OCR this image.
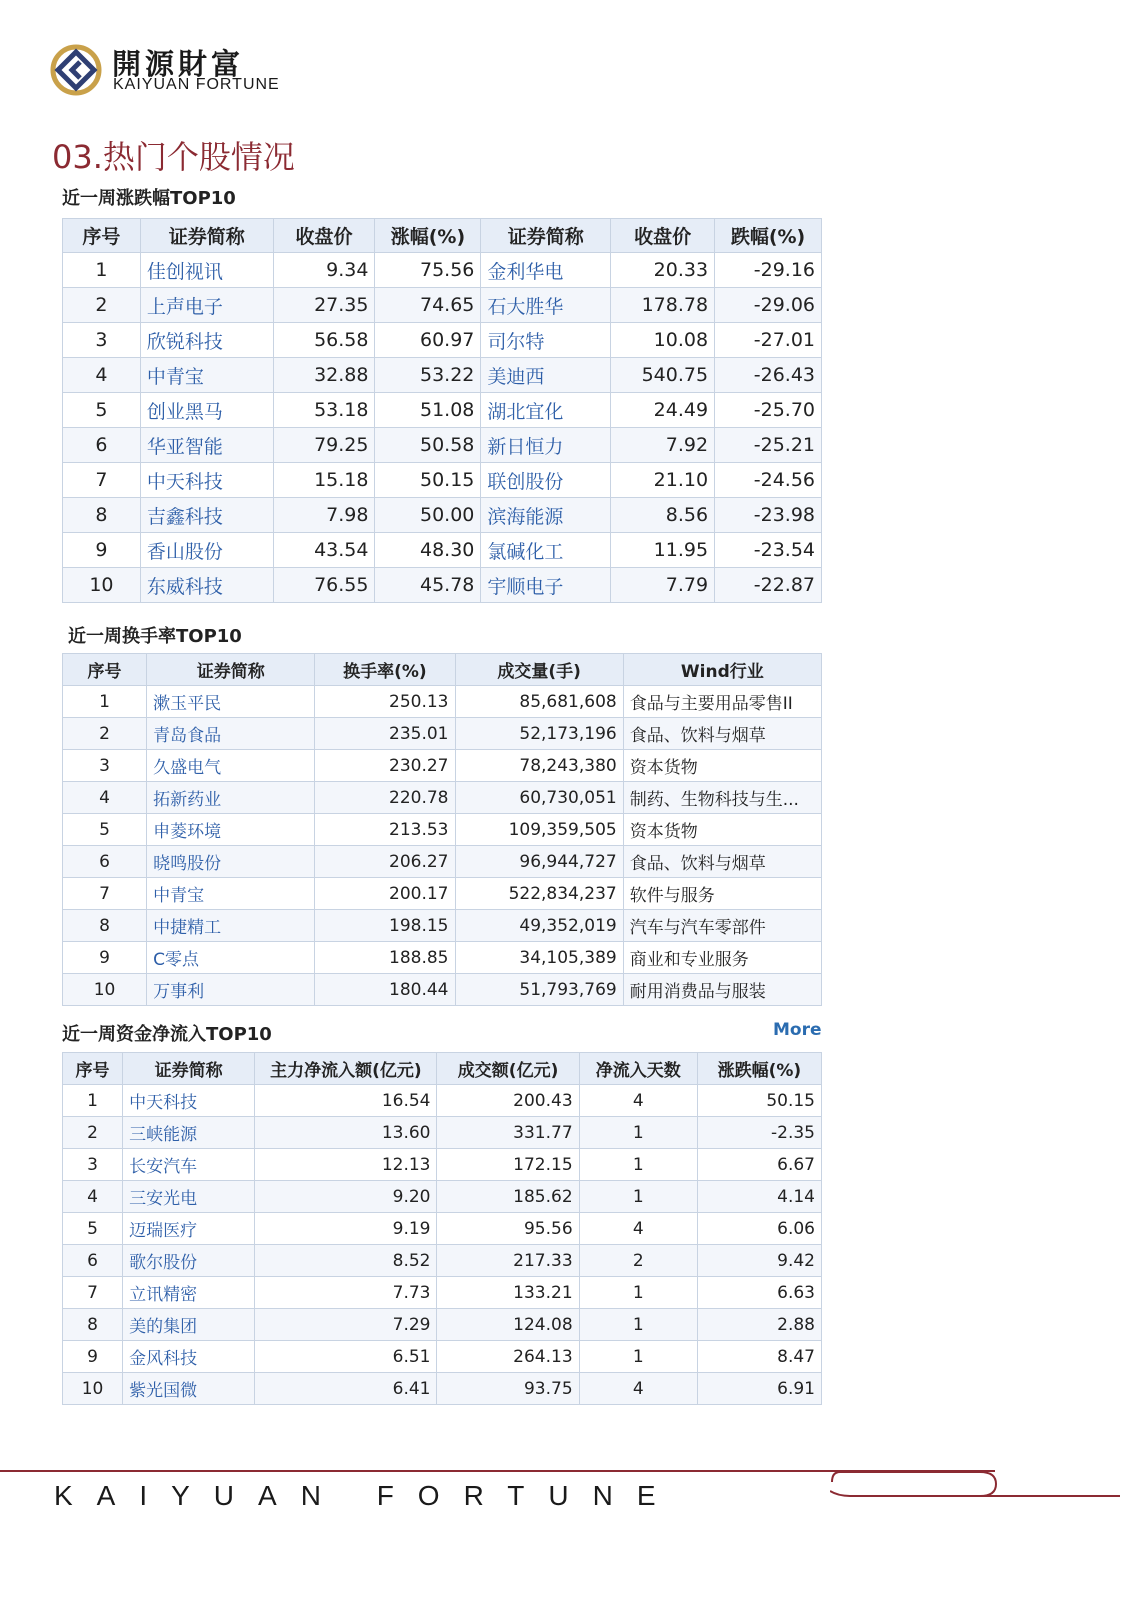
開源財富
KAIYUAN FORTUNE
03.热门个股情况
近一周涨跌幅TOP10
序号	证券简称	收盘价	涨幅(%)	证券简称	收盘价	跌幅(%)
1	佳创视讯	9.34	75.56	金利华电	20.33	-29.16
2	上声电子	27.35	74.65	石大胜华	178.78	-29.06
3	欣锐科技	56.58	60.97	司尔特	10.08	-27.01
4	中青宝	32.88	53.22	美迪西	540.75	-26.43
5	创业黑马	53.18	51.08	湖北宜化	24.49	-25.70
6	华亚智能	79.25	50.58	新日恒力	7.92	-25.21
7	中天科技	15.18	50.15	联创股份	21.10	-24.56
8	吉鑫科技	7.98	50.00	滨海能源	8.56	-23.98
9	香山股份	43.54	48.30	氯碱化工	11.95	-23.54
10	东威科技	76.55	45.78	宇顺电子	7.79	-22.87
近一周换手率TOP10
序号	证券简称	换手率(%)	成交量(手)	Wind行业
1	漱玉平民	250.13	85,681,608	食品与主要用品零售II
2	青岛食品	235.01	52,173,196	食品、饮料与烟草
3	久盛电气	230.27	78,243,380	资本货物
4	拓新药业	220.78	60,730,051	制药、生物科技与生...
5	申菱环境	213.53	109,359,505	资本货物
6	晓鸣股份	206.27	96,944,727	食品、饮料与烟草
7	中青宝	200.17	522,834,237	软件与服务
8	中捷精工	198.15	49,352,019	汽车与汽车零部件
9	C零点	188.85	34,105,389	商业和专业服务
10	万事利	180.44	51,793,769	耐用消费品与服装
近一周资金净流入TOP10	More
序号	证券简称	主力净流入额(亿元)	成交额(亿元)	净流入天数	涨跌幅(%)
1	中天科技	16.54	200.43	4	50.15
2	三峡能源	13.60	331.77	1	-2.35
3	长安汽车	12.13	172.15	1	6.67
4	三安光电	9.20	185.62	1	4.14
5	迈瑞医疗	9.19	95.56	4	6.06
6	歌尔股份	8.52	217.33	2	9.42
7	立讯精密	7.73	133.21	1	6.63
8	美的集团	7.29	124.08	1	2.88
9	金风科技	6.51	264.13	1	8.47
10	紫光国微	6.41	93.75	4	6.91
KAIYUAN FORTUNE
